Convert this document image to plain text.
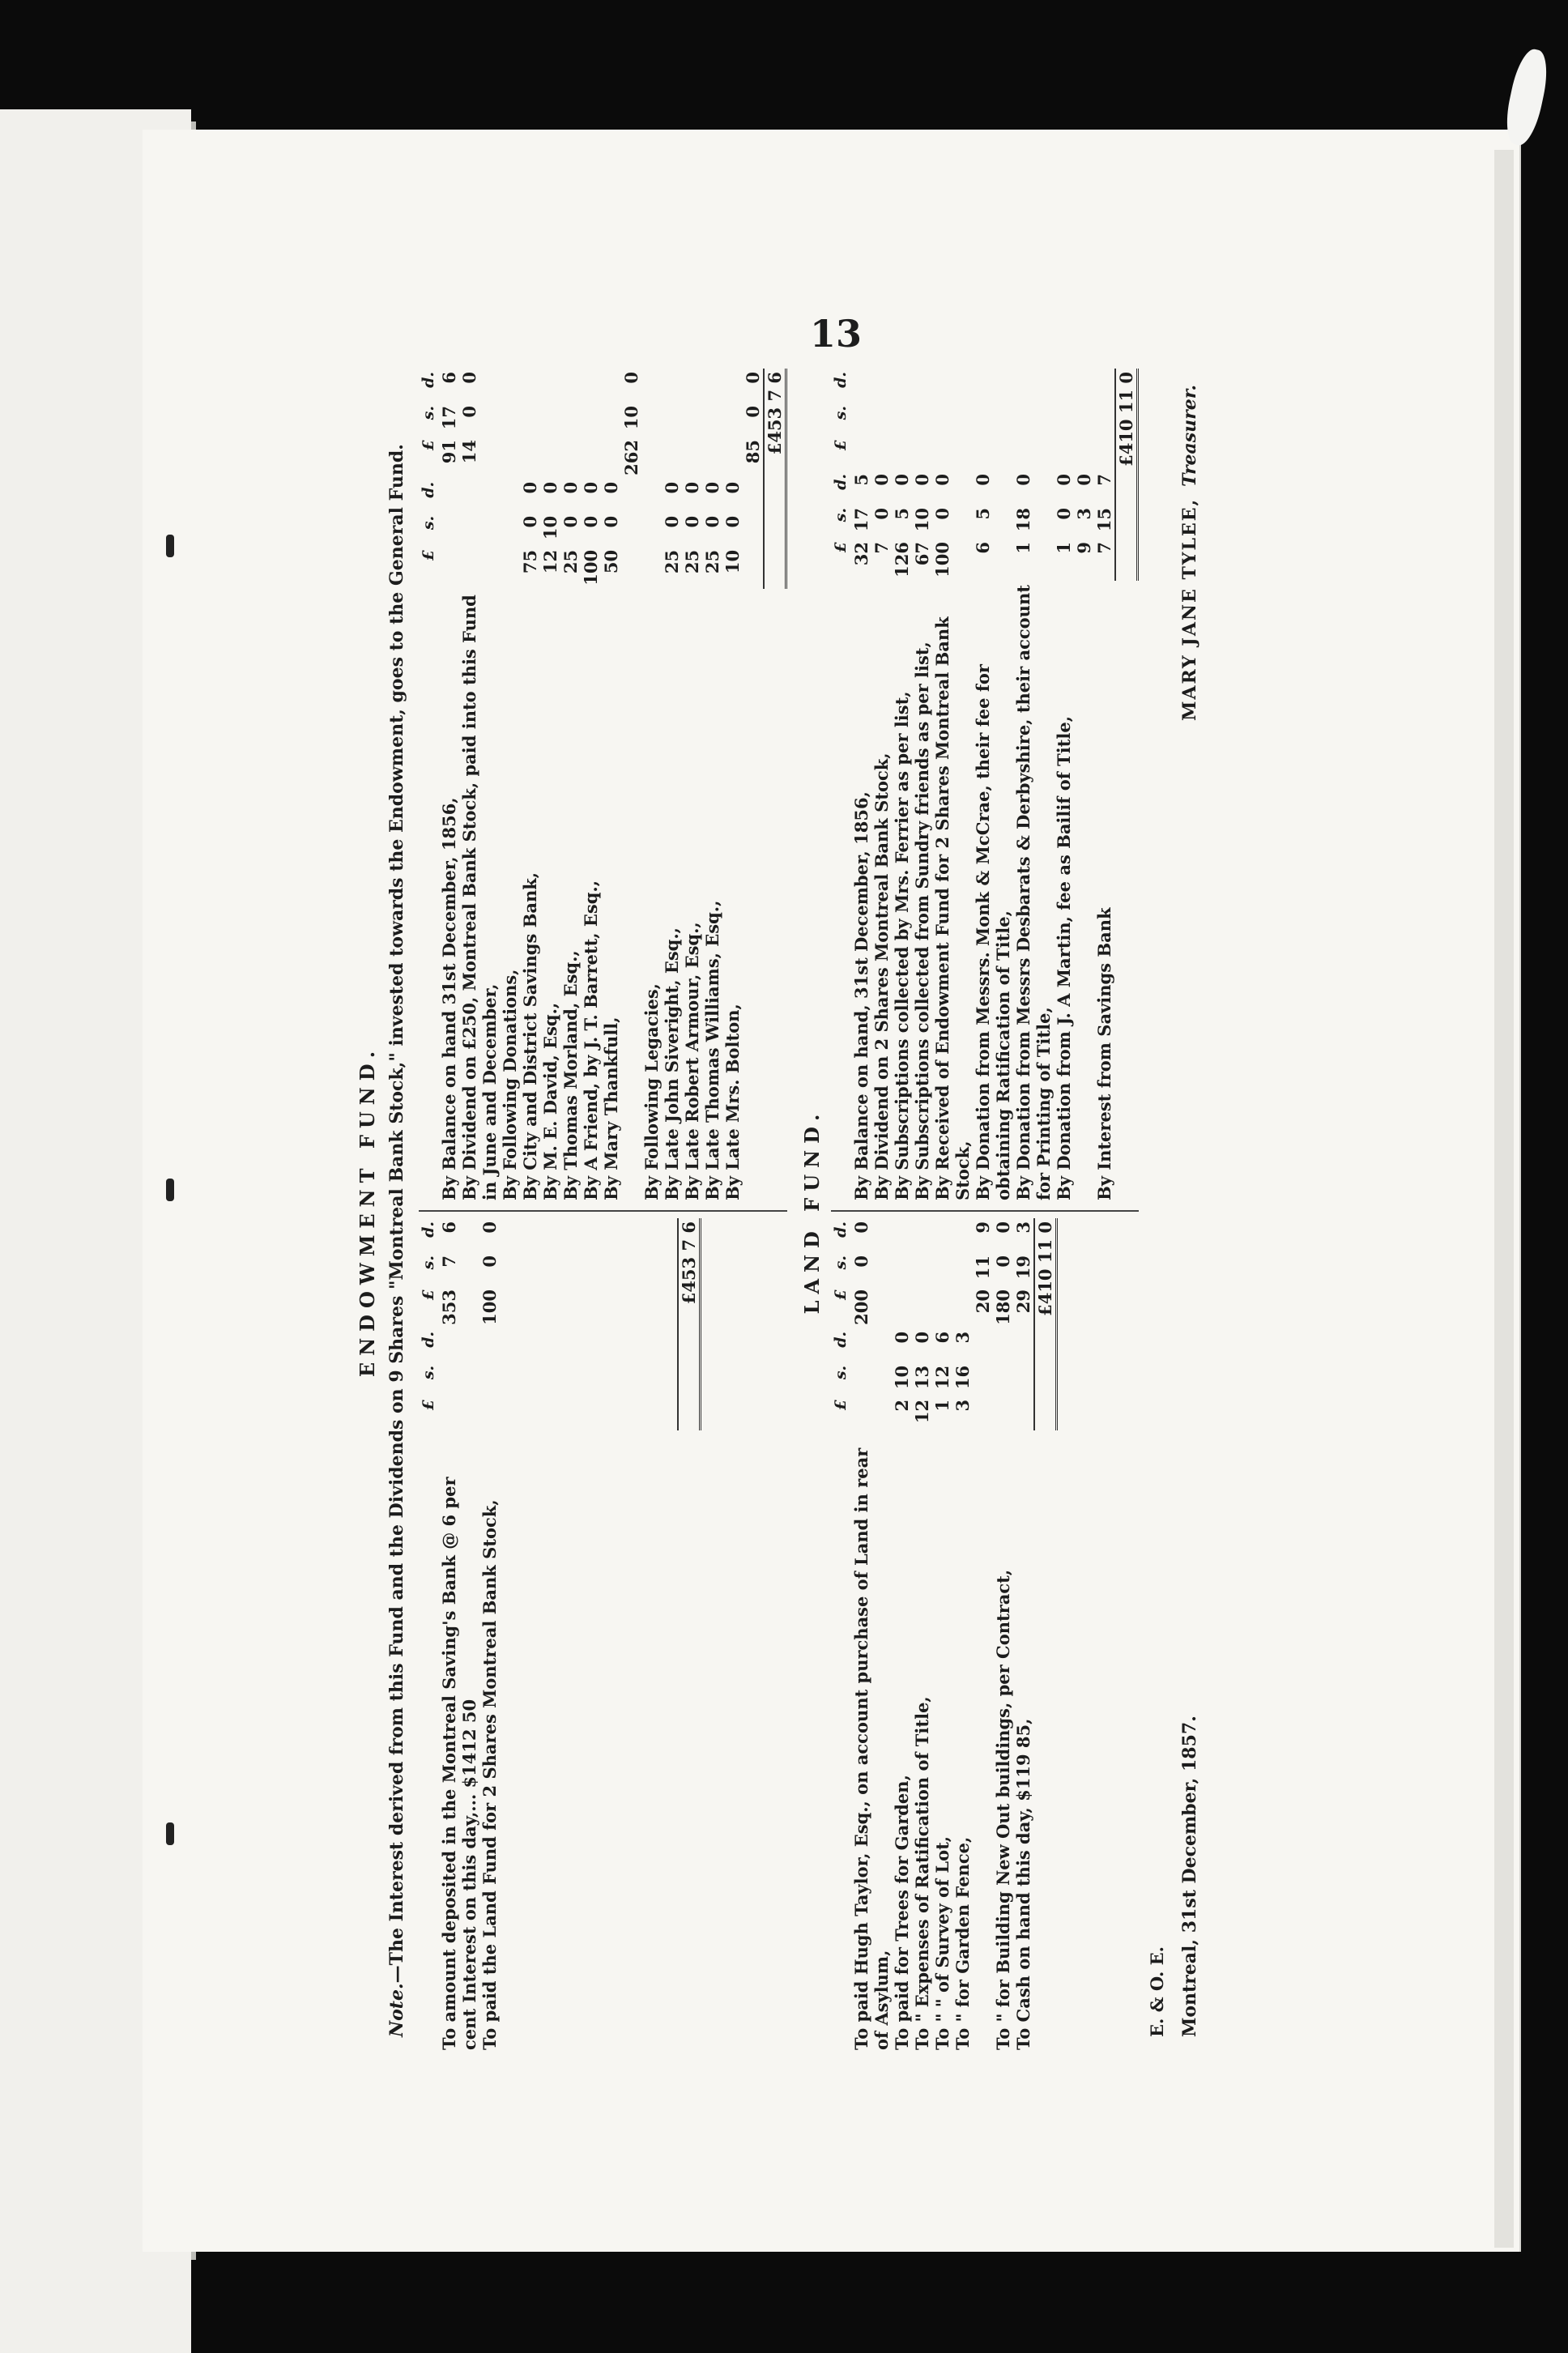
13
ENDOWMENT FUND.
Note.—The Interest derived from this Fund and the Dividends on 9 Shares "Montreal Bank Stock," invested towards the Endowment, goes to the General Fund.
	£	s.	d.	£	s.	d.
To amount deposited in the Montreal Saving's Bank @ 6 per cent Interest on this day,... $1412 50				353	7	6
To paid the Land Fund for 2 Shares Montreal Bank Stock,				100	0	0

	£453 7 6					
	£	s.	d.	£	s.	d.
By Balance on hand 31st December, 1856,				91	17	6
By Dividend on £250, Montreal Bank Stock, paid into this Fund in June and December,				14	0	0
By Following Donations,						
By City and District Savings Bank,	75	0	0			
By M. E. David, Esq.,	12	10	0			
By Thomas Morland, Esq.,	25	0	0			
By A Friend, by J. T. Barrett, Esq.,	100	0	0			
By Mary Thankfull,	50	0	0			
				262	10	0
By Following Legacies,						
By Late John Siveright, Esq.,	25	0	0			
By Late Robert Armour, Esq.,	25	0	0			
By Late Thomas Williams, Esq.,	25	0	0			
By Late Mrs. Bolton,	10	0	0			
				85	0	0
	£453 7 6					
LAND FUND.
	£	s.	d.	£	s.	d.
To paid Hugh Taylor, Esq., on account purchase of Land in rear of Asylum,				200	0	0
To paid for Trees for Garden,	2	10	0			
To " Expenses of Ratification of Title,	12	13	0			
To " " of Survey of Lot,	1	12	6			
To " for Garden Fence,	3	16	3			
				20	11	9
To " for Building New Out buildings, per Contract,				180	0	0
To Cash on hand this day, $119 85,				29	19	3
	£410 11 0					
	£	s.	d.	£	s.	d.
By Balance on hand, 31st December, 1856,	32	17	5			
By Dividend on 2 Shares Montreal Bank Stock,	7	0	0			
By Subscriptions collected by Mrs. Ferrier as per list,	126	5	0			
By Subscriptions collected from Sundry friends as per list,	67	10	0			
By Received of Endowment Fund for 2 Shares Montreal Bank Stock,	100	0	0			
By Donation from Messrs. Monk & McCrae, their fee for obtaining Ratification of Title,	6	5	0			
By Donation from Messrs Desbarats & Derbyshire, their account for Printing of Title,	1	18	0			
By Donation from J. A Martin, fee as Bailif of Title,	1	0	0			
	9	3	0			
By Interest from Savings Bank	7	15	7			
	£410 11 0					
E. & O. E. Montreal, 31st December, 1857.
MARY JANE TYLEE,Treasurer.
